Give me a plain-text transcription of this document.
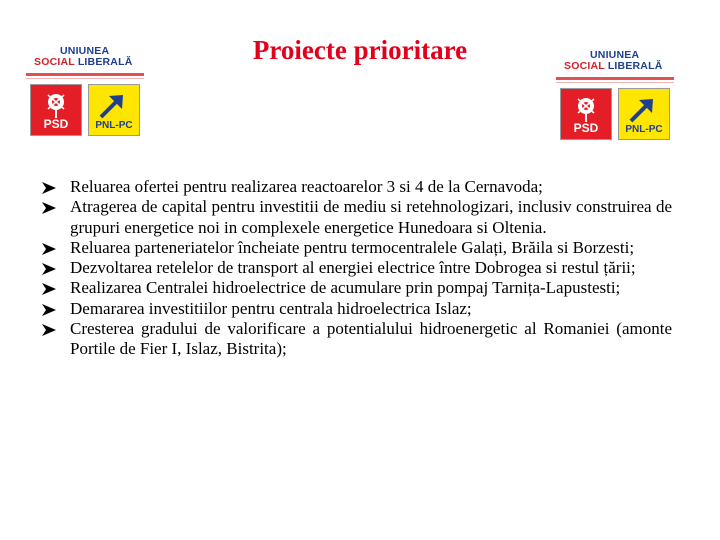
UNIUNEA
SOCIAL LIBERALĂ
PSD	PNL-PC
Proiecte prioritare	UNIUNEA
SOCIAL LIBERALĂ
PSD	PNL-PC
Reluarea ofertei pentru realizarea reactoarelor 3 si 4 de la Cernavoda;
Atragerea de capital pentru investitii de mediu si retehnologizari, inclusiv construirea de grupuri energetice noi in complexele energetice Hunedoara si Oltenia.
Reluarea parteneriatelor încheiate pentru termocentralele Galați, Brăila si Borzesti;
Dezvoltarea retelelor de transport al energiei electrice între Dobrogea si restul țării;
Realizarea Centralei hidroelectrice de acumulare prin pompaj Tarnița-Lapustesti;
Demararea investitiilor pentru centrala hidroelectrica Islaz;
Cresterea gradului de valorificare a potentialului hidroenergetic al Romaniei (amonte Portile de Fier I, Islaz, Bistrita);
